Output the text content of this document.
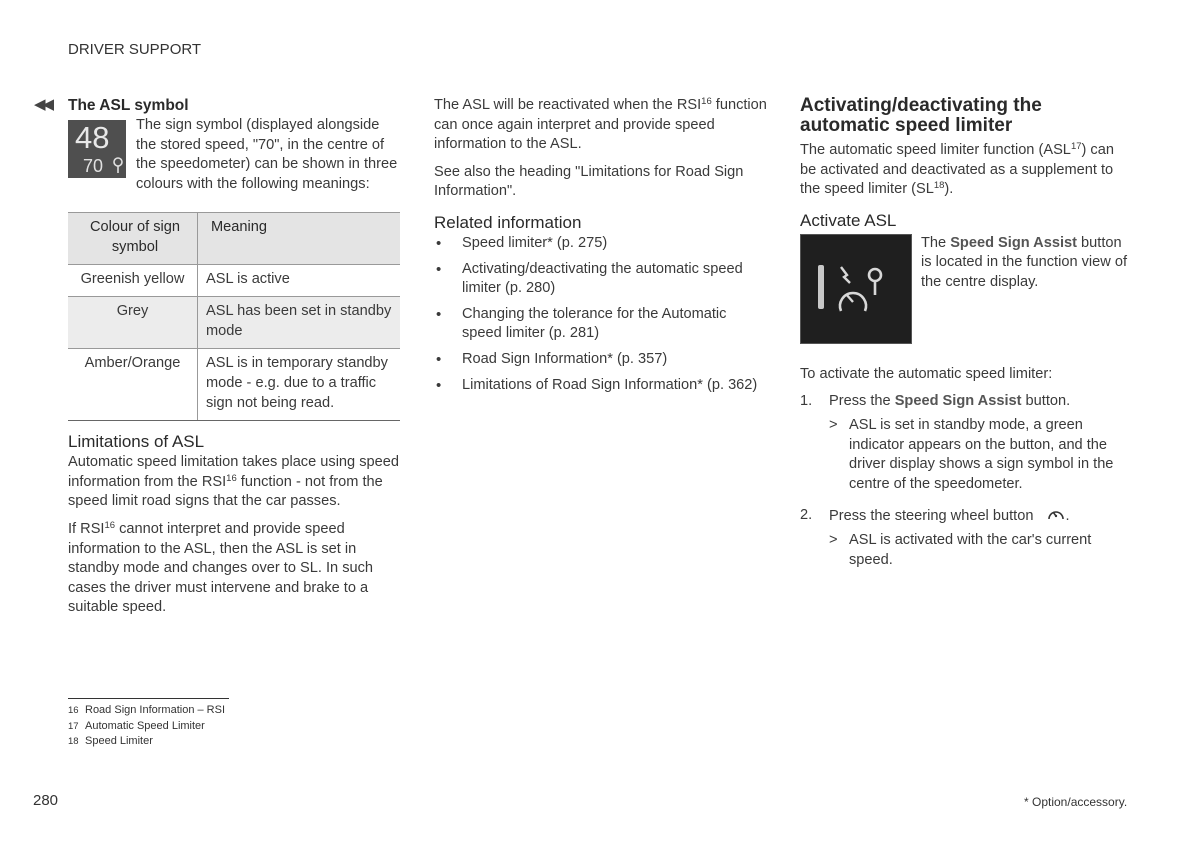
DRIVER SUPPORT
◀◀ The ASL symbol
48
70

The sign symbol (displayed alongside the stored speed, "70", in the centre of the speedometer) can be shown in three colours with the following meanings:

Colour of sign symbol	Meaning
Greenish yellow	ASL is active
Grey	ASL has been set in standby mode
Amber/Orange	ASL is in temporary standby mode - e.g. due to a traffic sign not being read.
Limitations of ASL

Automatic speed limitation takes place using speed information from the RSI$^{16}$ function - not from the speed limit road signs that the car passes.

If RSI$^{16}$ cannot interpret and provide speed information to the ASL, then the ASL is set in standby mode and changes over to SL. In such cases the driver must intervene and brake to a suitable speed.

The ASL will be reactivated when the RSI$^{16}$ function can once again interpret and provide speed information to the ASL.

See also the heading "Limitations for Road Sign Information".

Related information
• Speed limiter* (p. 275)
• Activating/deactivating the automatic speed limiter (p. 280)
• Changing the tolerance for the Automatic speed limiter (p. 281)
• Road Sign Information* (p. 357)
• Limitations of Road Sign Information* (p. 362)
Activating/deactivating the automatic speed limiter

The automatic speed limiter function (ASL$^{17}$) can be activated and deactivated as a supplement to the speed limiter (SL$^{18}$).

Activate ASL

The Speed Sign Assist button is located in the function view of the centre display.

To activate the automatic speed limiter:

1. Press the Speed Sign Assist button.
> ASL is set in standby mode, a green indicator appears on the button, and the driver display shows a sign symbol in the centre of the speedometer.
2. Press the steering wheel button .
> ASL is activated with the car's current speed.
16 Road Sign Information – RSI
17 Automatic Speed Limiter
18 Speed Limiter
280	* Option/accessory.
